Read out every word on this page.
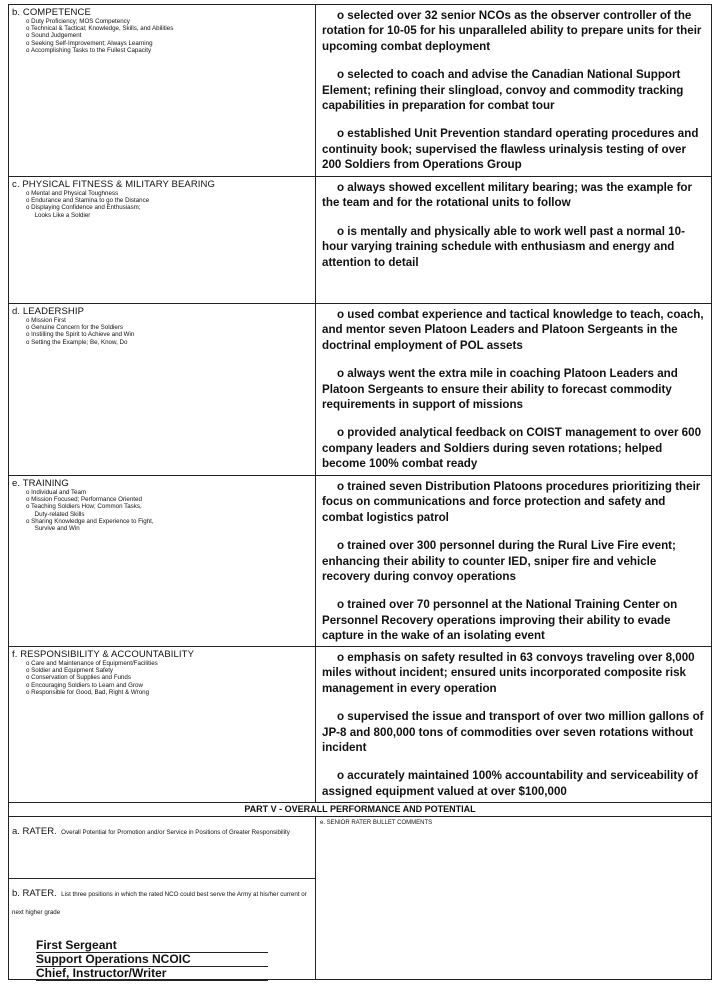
b. COMPETENCE
o Duty Proficiency; MOS Competency
o Technical & Tactical; Knowledge, Skills, and Abilities
o Sound Judgement
o Seeking Self-Improvement; Always Learning
o Accomplishing Tasks to the Fullest Capacity

o selected over 32 senior NCOs as the observer controller of the rotation for 10-05 for his unparalleled ability to prepare units for their upcoming combat deployment

o selected to coach and advise the Canadian National Support Element; refining their slingload, convoy and commodity tracking capabilities in preparation for combat tour

o established Unit Prevention standard operating procedures and continuity book; supervised the flawless urinalysis testing of over 200 Soldiers from Operations Group

c. PHYSICAL FITNESS & MILITARY BEARING
o Mental and Physical Toughness
o Endurance and Stamina to go the Distance
o Displaying Confidence and Enthusiasm;
Looks Like a Soldier

o always showed excellent military bearing; was the example for the team and for the rotational units to follow

o is mentally and physically able to work well past a normal 10-hour varying training schedule with enthusiasm and energy and attention to detail

d. LEADERSHIP
o Mission First
o Genuine Concern for the Soldiers
o Instilling the Spirit to Achieve and Win
o Setting the Example; Be, Know, Do

o used combat experience and tactical knowledge to teach, coach, and mentor seven Platoon Leaders and Platoon Sergeants in the doctrinal employment of POL assets

o always went the extra mile in coaching Platoon Leaders and Platoon Sergeants to ensure their ability to forecast commodity requirements in support of missions

o provided analytical feedback on COIST management to over 600 company leaders and Soldiers during seven rotations; helped become 100% combat ready

e. TRAINING
o Individual and Team
o Mission Focused; Performance Oriented
o Teaching Soldiers How; Common Tasks,
Duty-related Skills
o Sharing Knowledge and Experience to Fight,
Survive and Win

o trained seven Distribution Platoons procedures prioritizing their focus on communications and force protection and safety and combat logistics patrol

o trained over 300 personnel during the Rural Live Fire event; enhancing their ability to counter IED, sniper fire and vehicle recovery during convoy operations

o trained over 70 personnel at the National Training Center on Personnel Recovery operations improving their ability to evade capture in the wake of an isolating event

f. RESPONSIBILITY & ACCOUNTABILITY
o Care and Maintenance of Equipment/Facilities
o Soldier and Equipment Safety
o Conservation of Supplies and Funds
o Encouraging Soldiers to Learn and Grow
o Responsible for Good, Bad, Right & Wrong

o emphasis on safety resulted in 63 convoys traveling over 8,000 miles without incident; ensured units incorporated composite risk management in every operation

o supervised the issue and transport of over two million gallons of JP-8 and 800,000 tons of commodities over seven rotations without incident

o accurately maintained 100% accountability and serviceability of assigned equipment valued at over $100,000

PART V - OVERALL PERFORMANCE AND POTENTIAL
a. RATER. Overall Potential for Promotion and/or Service in Positions of Greater Responsibility
b. RATER. List three positions in which the rated NCO could best serve the Army at his/her current or next higher grade
First Sergeant
Support Operations NCOIC
Chief, Instructor/Writer
e. SENIOR RATER BULLET COMMENTS
